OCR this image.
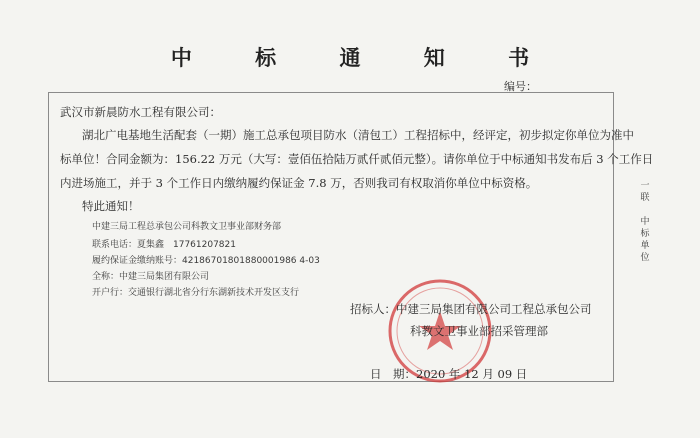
中 标 通 知 书
编号：
武汉市新晨防水工程有限公司：
湖北广电基地生活配套（一期）施工总承包项目防水（清包工）工程招标中，经评定，初步拟定你单位为准中
标单位！合同金额为：156.22 万元（大写：壹佰伍拾陆万贰仟贰佰元整）。请你单位于中标通知书发布后 3 个工作日
内进场施工，并于 3 个工作日内缴纳履约保证金 7.8 万，否则我司有权取消你单位中标资格。
特此通知！
中建三局工程总承包公司科教文卫事业部财务部
联系电话：夏集鑫　17761207821
履约保证金缴纳账号：42186701801880001986 4-03
全称：中建三局集团有限公司
开户行：交通银行湖北省分行东湖新技术开发区支行
招标人：中建三局集团有限公司工程总承包公司
科教文卫事业部招采管理部
日　期：2020 年 12 月 09 日
一
联

中
标
单
位
